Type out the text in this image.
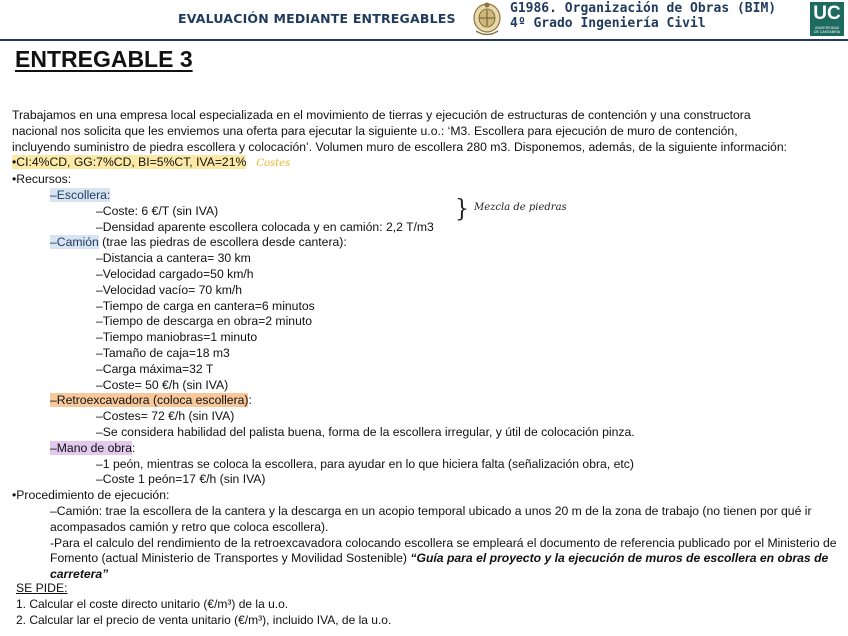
EVALUACIÓN MEDIANTE ENTREGABLES
G1986. Organización de Obras (BIM)
4º Grado Ingeniería Civil	UC
UNIVERSIDAD DE CANTABRIA
ENTREGABLE 3
Trabajamos en una empresa local especializada en el movimiento de tierras y ejecución de estructuras de contención y una constructora
nacional nos solicita que les enviemos una oferta para ejecutar la siguiente u.o.: ‘M3. Escollera para ejecución de muro de contención,
incluyendo suministro de piedra escollera y colocación’. Volumen muro de escollera 280 m3. Disponemos, además, de la siguiente información:
•CI:4%CD, GG:7%CD, BI=5%CT, IVA=21% Costes
•Recursos:
–Escollera:
–Coste: 6 €/T (sin IVA)
–Densidad aparente escollera colocada y en camión: 2,2 T/m3
–Camión (trae las piedras de escollera desde cantera):
–Distancia a cantera= 30 km
–Velocidad cargado=50 km/h
–Velocidad vacío= 70 km/h
–Tiempo de carga en cantera=6 minutos
–Tiempo de descarga en obra=2 minuto
–Tiempo maniobras=1 minuto
–Tamaño de caja=18 m3
–Carga máxima=32 T
–Coste= 50 €/h (sin IVA)
–Retroexcavadora (coloca escollera):
–Costes= 72 €/h (sin IVA)
–Se considera habilidad del palista buena, forma de la escollera irregular, y útil de colocación pinza.
–Mano de obra:
–1 peón, mientras se coloca la escollera, para ayudar en lo que hiciera falta (señalización obra, etc)
–Coste 1 peón=17 €/h (sin IVA)
•Procedimiento de ejecución:
–Camión: trae la escollera de la cantera y la descarga en un acopio temporal ubicado a unos 20 m de la zona de trabajo (no tienen por qué ir acompasados camión y retro que coloca escollera).
-Para el calculo del rendimiento de la retroexcavadora colocando escollera se empleará el documento de referencia publicado por el Ministerio de Fomento (actual Ministerio de Transportes y Movilidad Sostenible) “Guía para el proyecto y la ejecución de muros de escollera en obras de carretera”
} Mezcla de piedras
SE PIDE:
1. Calcular el coste directo unitario (€/m³) de la u.o.
2. Calcular lar el precio de venta unitario (€/m³), incluido IVA, de la u.o.
